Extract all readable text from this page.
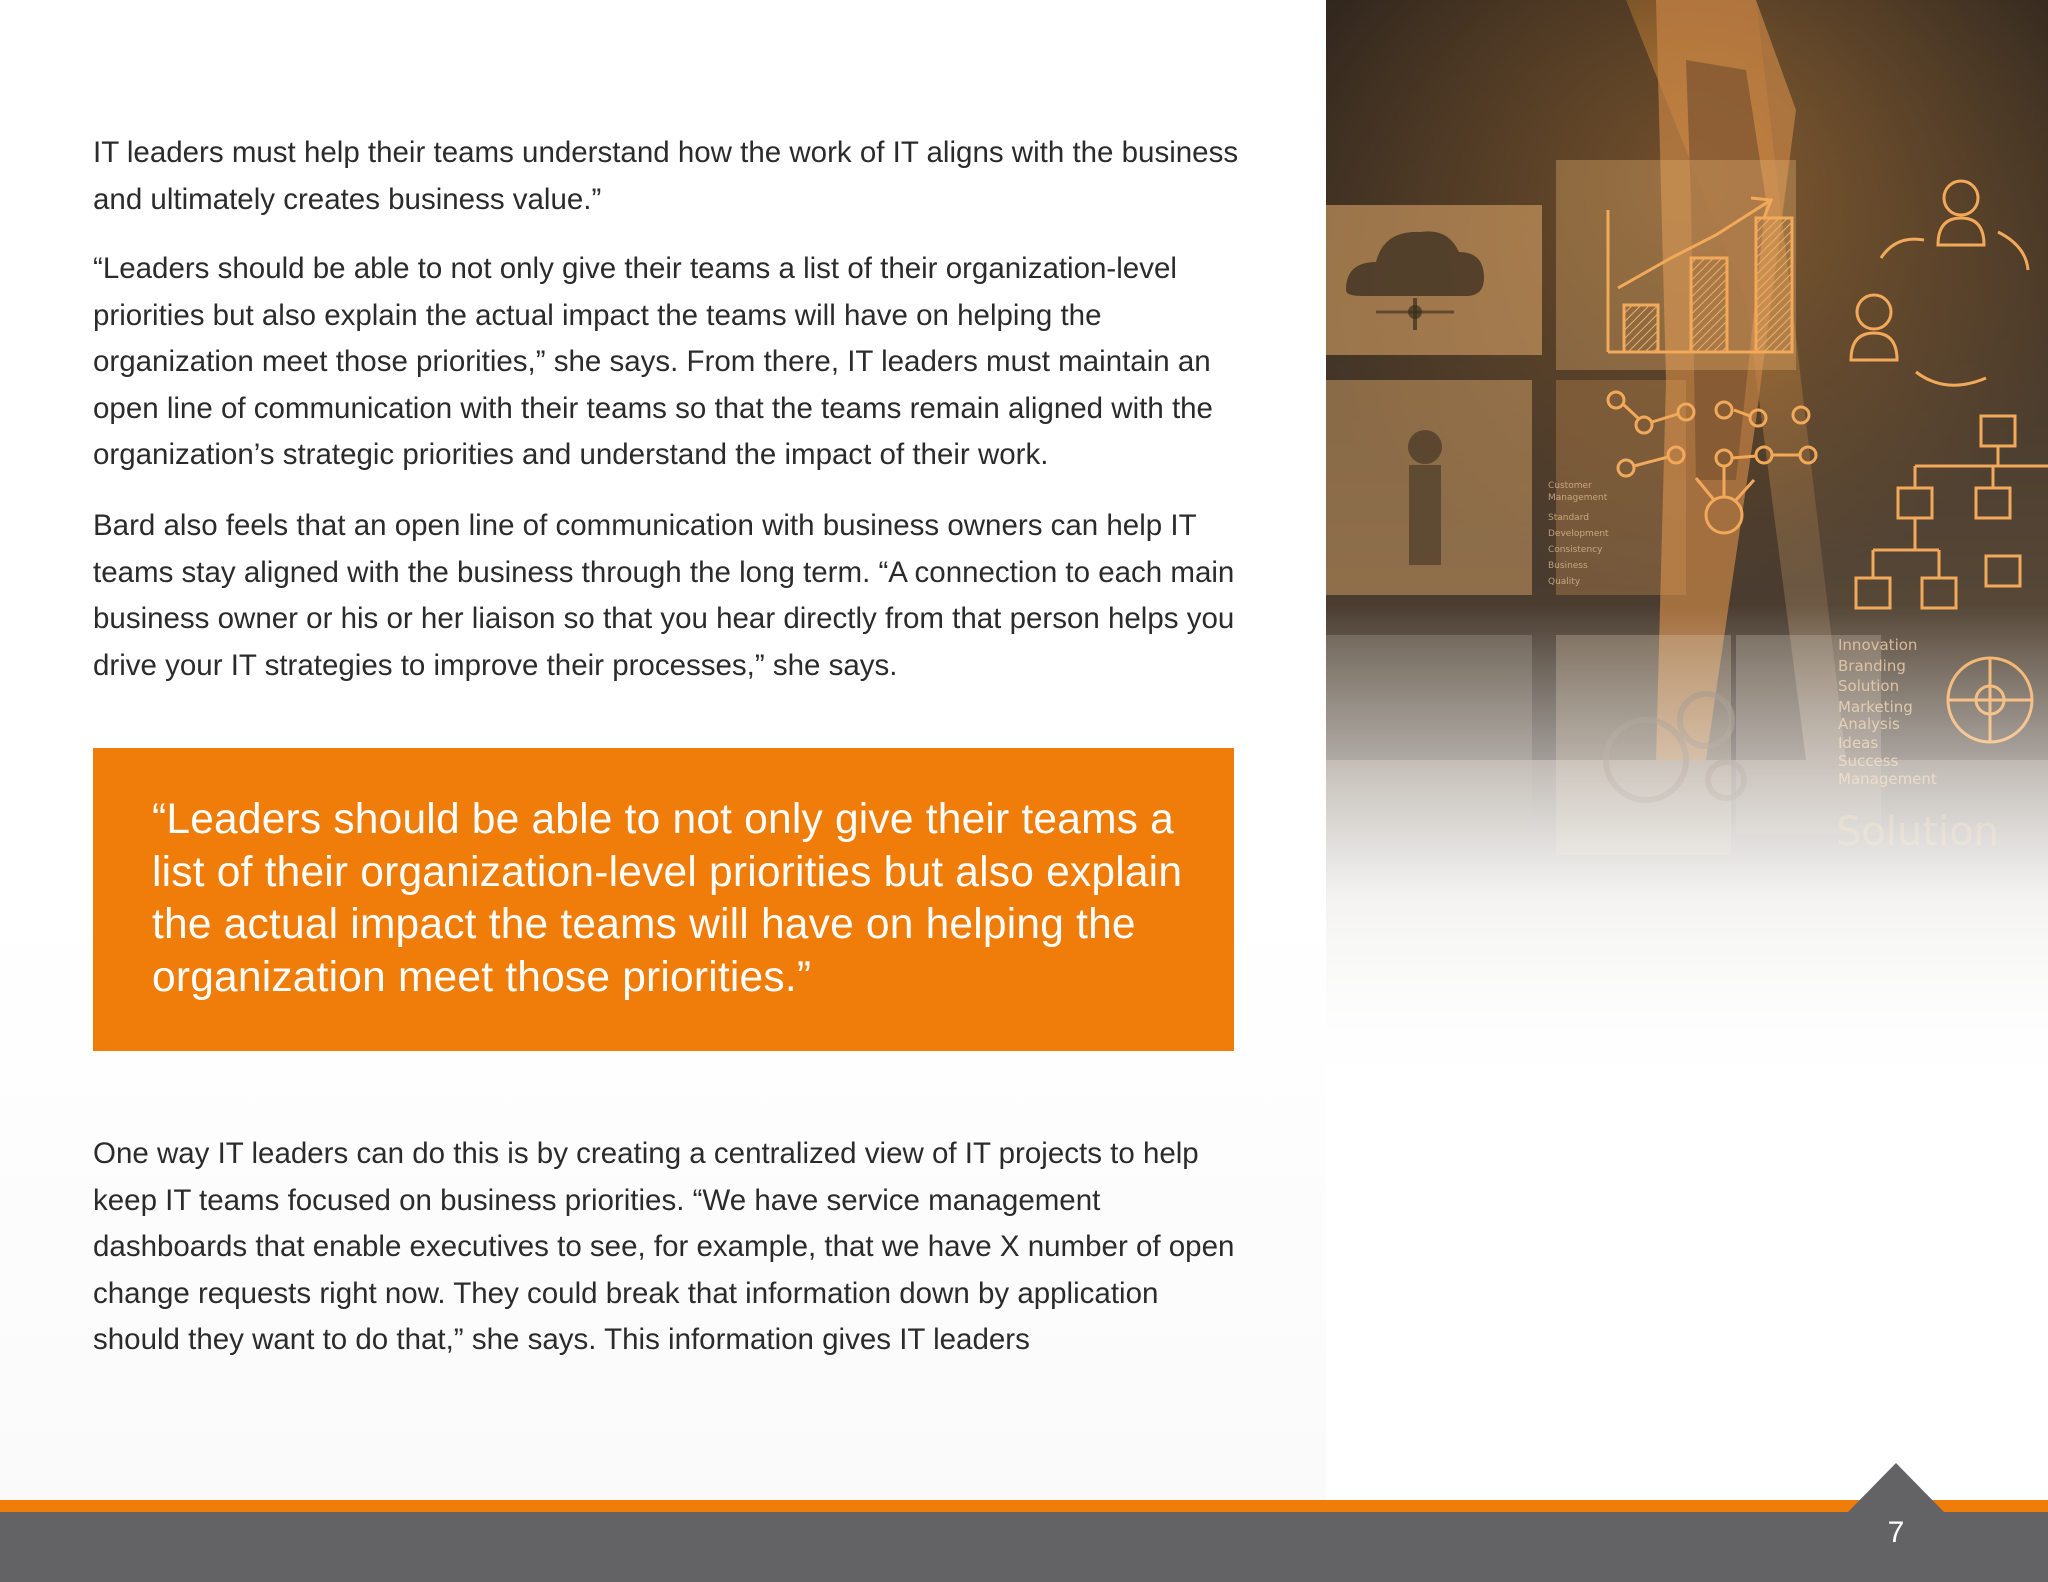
IT leaders must help their teams understand how the work of IT aligns with the business and ultimately creates business value.”

“Leaders should be able to not only give their teams a list of their organization-level priorities but also explain the actual impact the teams will have on helping the organization meet those priorities,” she says. From there, IT leaders must maintain an open line of communication with their teams so that the teams remain aligned with the organization’s strategic priorities and understand the impact of their work.

Bard also feels that an open line of communication with business owners can help IT teams stay aligned with the business through the long term. “A connection to each main business owner or his or her liaison so that you hear directly from that person helps you drive your IT strategies to improve their processes,” she says.

“Leaders should be able to not only give their teams a list of their organization-level priorities but also explain the actual impact the teams will have on helping the organization meet those priorities.”

One way IT leaders can do this is by creating a centralized view of IT projects to help keep IT teams focused on business priorities. “We have service management dashboards that enable executives to see, for example, that we have X number of open change requests right now. They could break that information down by application should they want to do that,” she says. This information gives IT leaders

7
